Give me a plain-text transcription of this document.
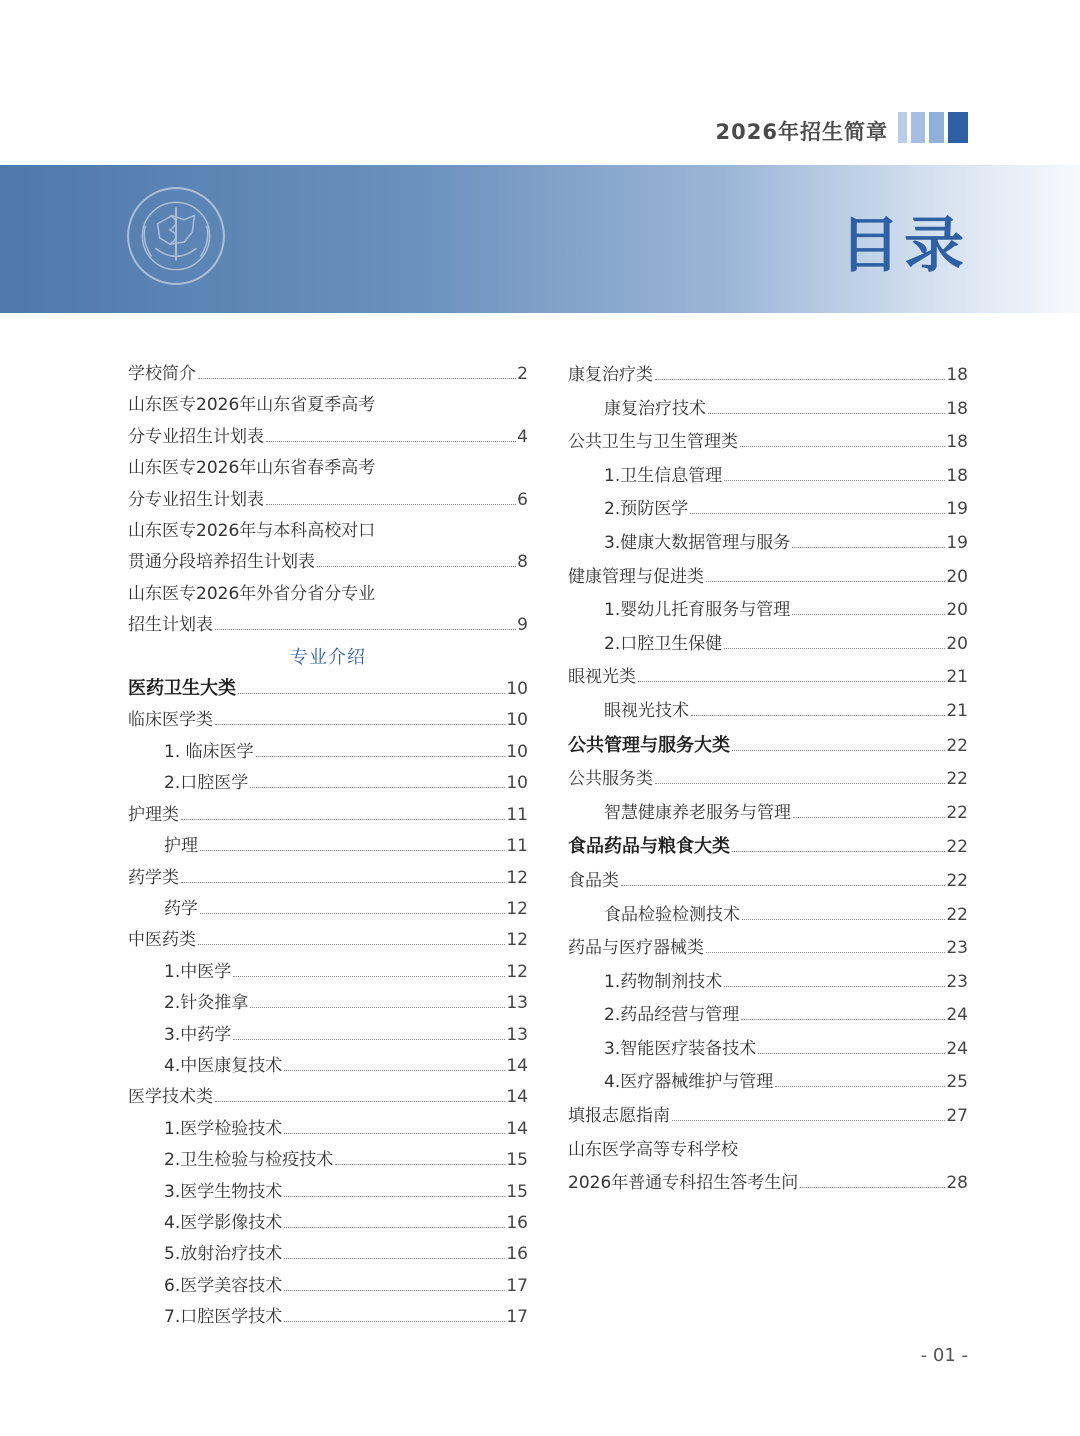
2026年招生简章
目录
学校简介	2
山东医专2026年山东省夏季高考
分专业招生计划表	4
山东医专2026年山东省春季高考
分专业招生计划表	6
山东医专2026年与本科高校对口
贯通分段培养招生计划表	8
山东医专2026年外省分省分专业
招生计划表	9
专业介绍
医药卫生大类	10
临床医学类	10
1. 临床医学	10
2.口腔医学	10
护理类	11
护理	11
药学类	12
药学	12
中医药类	12
1.中医学	12
2.针灸推拿	13
3.中药学	13
4.中医康复技术	14
医学技术类	14
1.医学检验技术	14
2.卫生检验与检疫技术	15
3.医学生物技术	15
4.医学影像技术	16
5.放射治疗技术	16
6.医学美容技术	17
7.口腔医学技术	17
康复治疗类	18
康复治疗技术	18
公共卫生与卫生管理类	18
1.卫生信息管理	18
2.预防医学	19
3.健康大数据管理与服务	19
健康管理与促进类	20
1.婴幼儿托育服务与管理	20
2.口腔卫生保健	20
眼视光类	21
眼视光技术	21
公共管理与服务大类	22
公共服务类	22
智慧健康养老服务与管理	22
食品药品与粮食大类	22
食品类	22
食品检验检测技术	22
药品与医疗器械类	23
1.药物制剂技术	23
2.药品经营与管理	24
3.智能医疗装备技术	24
4.医疗器械维护与管理	25
填报志愿指南	27
山东医学高等专科学校
2026年普通专科招生答考生问	28
- 01 -
